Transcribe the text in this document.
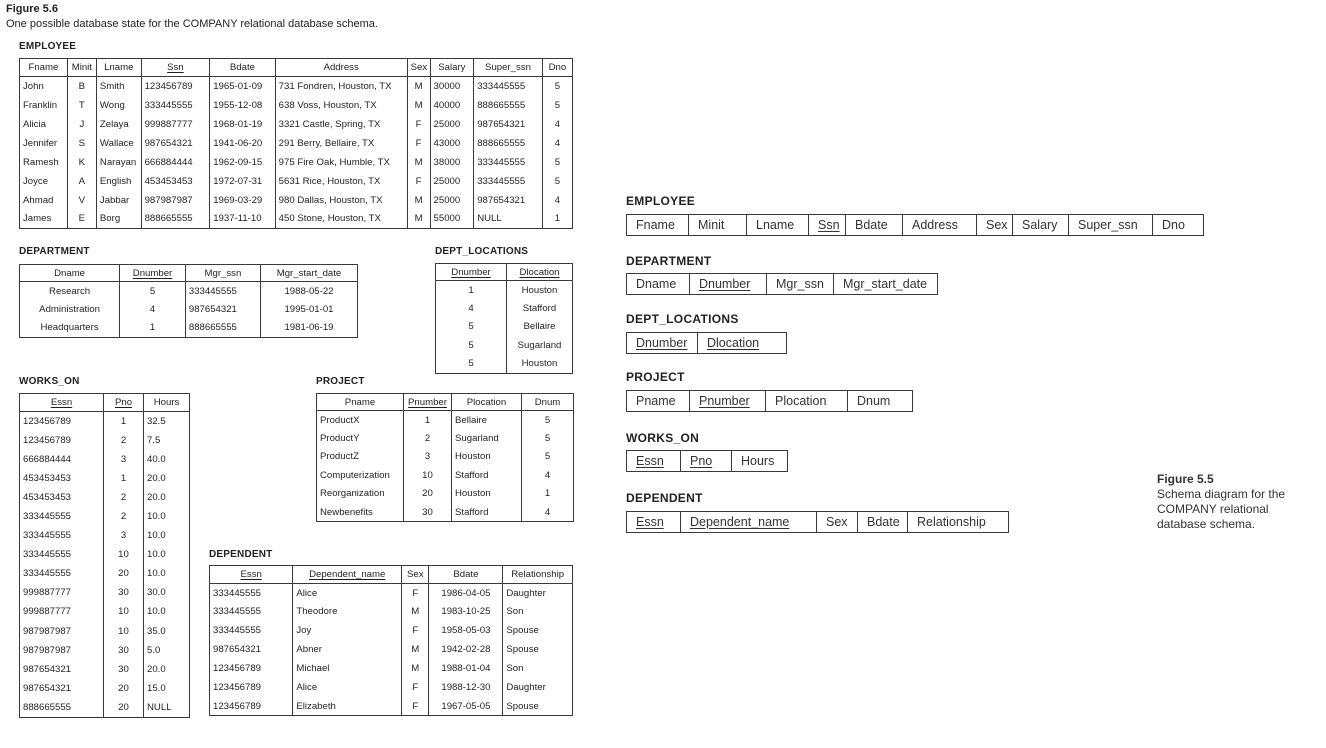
Figure 5.6
One possible database state for the COMPANY relational database schema.
EMPLOYEE
Fname	Minit	Lname	Ssn	Bdate	Address	Sex	Salary	Super_ssn	Dno
John	B	Smith	123456789	1965-01-09	731 Fondren, Houston, TX	M	30000	333445555	5
Franklin	T	Wong	333445555	1955-12-08	638 Voss, Houston, TX	M	40000	888665555	5
Alicia	J	Zelaya	999887777	1968-01-19	3321 Castle, Spring, TX	F	25000	987654321	4
Jennifer	S	Wallace	987654321	1941-06-20	291 Berry, Bellaire, TX	F	43000	888665555	4
Ramesh	K	Narayan	666884444	1962-09-15	975 Fire Oak, Humble, TX	M	38000	333445555	5
Joyce	A	English	453453453	1972-07-31	5631 Rice, Houston, TX	F	25000	333445555	5
Ahmad	V	Jabbar	987987987	1969-03-29	980 Dallas, Houston, TX	M	25000	987654321	4
James	E	Borg	888665555	1937-11-10	450 Stone, Houston, TX	M	55000	NULL	1
DEPARTMENT
Dname	Dnumber	Mgr_ssn	Mgr_start_date
Research	5	333445555	1988-05-22
Administration	4	987654321	1995-01-01
Headquarters	1	888665555	1981-06-19
DEPT_LOCATIONS
Dnumber	Dlocation
1	Houston
4	Stafford
5	Bellaire
5	Sugarland
5	Houston
WORKS_ON
Essn	Pno	Hours
123456789	1	32.5
123456789	2	7.5
666884444	3	40.0
453453453	1	20.0
453453453	2	20.0
333445555	2	10.0
333445555	3	10.0
333445555	10	10.0
333445555	20	10.0
999887777	30	30.0
999887777	10	10.0
987987987	10	35.0
987987987	30	5.0
987654321	30	20.0
987654321	20	15.0
888665555	20	NULL
PROJECT
Pname	Pnumber	Plocation	Dnum
ProductX	1	Bellaire	5
ProductY	2	Sugarland	5
ProductZ	3	Houston	5
Computerization	10	Stafford	4
Reorganization	20	Houston	1
Newbenefits	30	Stafford	4
DEPENDENT
Essn	Dependent_name	Sex	Bdate	Relationship
333445555	Alice	F	1986-04-05	Daughter
333445555	Theodore	M	1983-10-25	Son
333445555	Joy	F	1958-05-03	Spouse
987654321	Abner	M	1942-02-28	Spouse
123456789	Michael	M	1988-01-04	Son
123456789	Alice	F	1988-12-30	Daughter
123456789	Elizabeth	F	1967-05-05	Spouse
EMPLOYEE
Fname Minit	Lname Ssn Bdate Address Sex Salary Super_ssn Dno
DEPARTMENT
Dname Dnumber Mgr_ssn Mgr_start_date
DEPT_LOCATIONS
Dnumber Dlocation
PROJECT
Pname Pnumber Plocation Dnum
WORKS_ON
Essn Pno Hours
DEPENDENT
Essn Dependent_name	Sex Bdate Relationship
Figure 5.5
Schema diagram for the
COMPANY relational
database schema.
